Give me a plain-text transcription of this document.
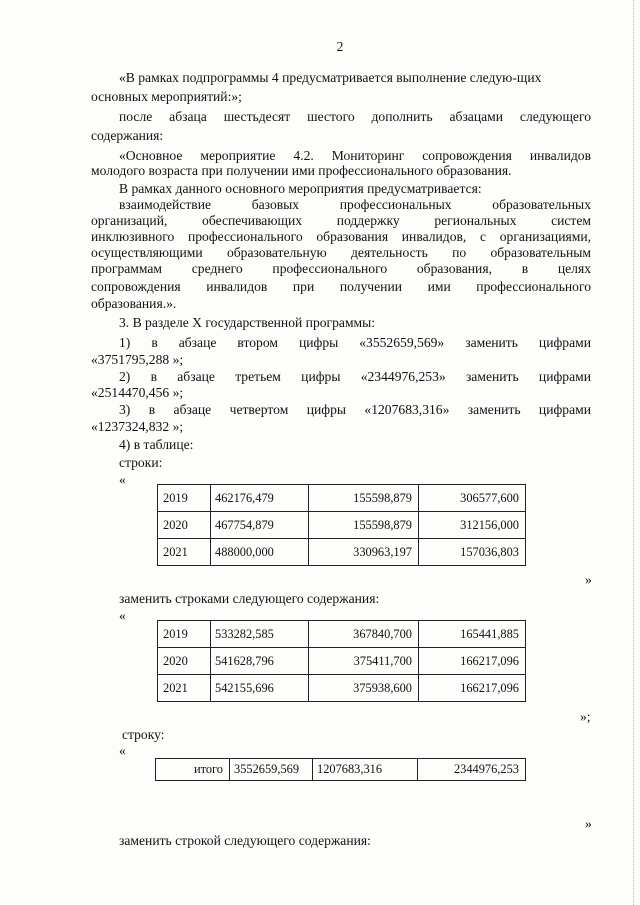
2
«В рамках подпрограммы 4 предусматривается выполнение следую-щих
основных мероприятий:»;
после абзаца шестьдесят шестого дополнить абзацами следующего
содержания:
«Основное мероприятие 4.2. Мониторинг сопровождения инвалидов
молодого возраста при получении ими профессионального образования.
В рамках данного основного мероприятия предусматривается:
взаимодействие базовых профессиональных образовательных
организаций, обеспечивающих поддержку региональных систем
инклюзивного профессионального образования инвалидов, с организациями,
осуществляющими образовательную деятельность по образовательным
программам среднего профессионального образования, в целях
сопровождения инвалидов при получении ими профессионального
образования.».
3. В разделе X государственной программы:
1) в абзаце втором цифры «3552659,569» заменить цифрами
«3751795,288 »;
2) в абзаце третьем цифры «2344976,253» заменить цифрами
«2514470,456 »;
3) в абзаце четвертом цифры «1207683,316» заменить цифрами
«1237324,832 »;
4) в таблице:
строки:
«
2019	462176,479	155598,879	306577,600
2020	467754,879	155598,879	312156,000
2021	488000,000	330963,197	157036,803
»
заменить строками следующего содержания:
«
2019	533282,585	367840,700	165441,885
2020	541628,796	375411,700	166217,096
2021	542155,696	375938,600	166217,096
»;
строку:
«
итого	3552659,569	1207683,316	2344976,253
»
заменить строкой следующего содержания:
